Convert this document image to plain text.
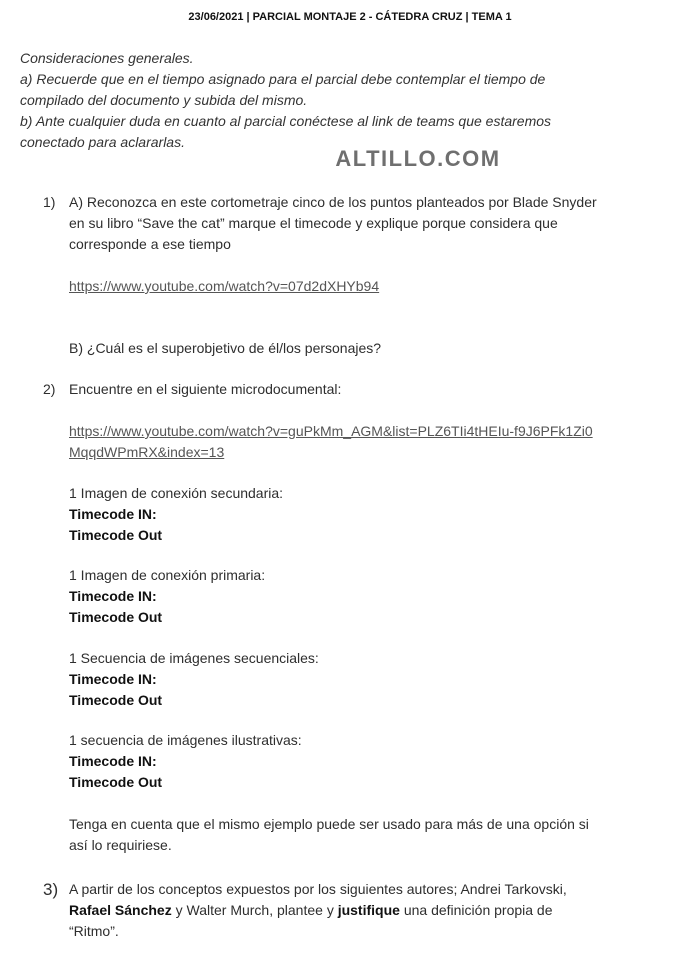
23/06/2021 | PARCIAL MONTAJE 2 - CÁTEDRA CRUZ | TEMA 1
Consideraciones generales.
a) Recuerde que en el tiempo asignado para el parcial debe contemplar el tiempo de
compilado del documento y subida del mismo.
b) Ante cualquier duda en cuanto al parcial conéctese al link de teams que estaremos
conectado para aclararlas.
ALTILLO.COM
1) A) Reconozca en este cortometraje cinco de los puntos planteados por Blade Snyder

en su libro “Save the cat” marque el timecode y explique porque considera que

corresponde a ese tiempo

https://www.youtube.com/watch?v=07d2dXHYb94

B) ¿Cuál es el superobjetivo de él/los personajes?

2) Encuentre en el siguiente microdocumental:

https://www.youtube.com/watch?v=guPkMm_AGM&list=PLZ6TIi4tHEIu-f9J6PFk1Zi0

MqqdWPmRX&index=13

1 Imagen de conexión secundaria:

Timecode IN:

Timecode Out

1 Imagen de conexión primaria:

Timecode IN:

Timecode Out

1 Secuencia de imágenes secuenciales:

Timecode IN:

Timecode Out

1 secuencia de imágenes ilustrativas:

Timecode IN:

Timecode Out

Tenga en cuenta que el mismo ejemplo puede ser usado para más de una opción si

así lo requiriese.

3) A partir de los conceptos expuestos por los siguientes autores; Andrei Tarkovski,

Rafael Sánchez y Walter Murch, plantee y justifique una definición propia de

“Ritmo”.
